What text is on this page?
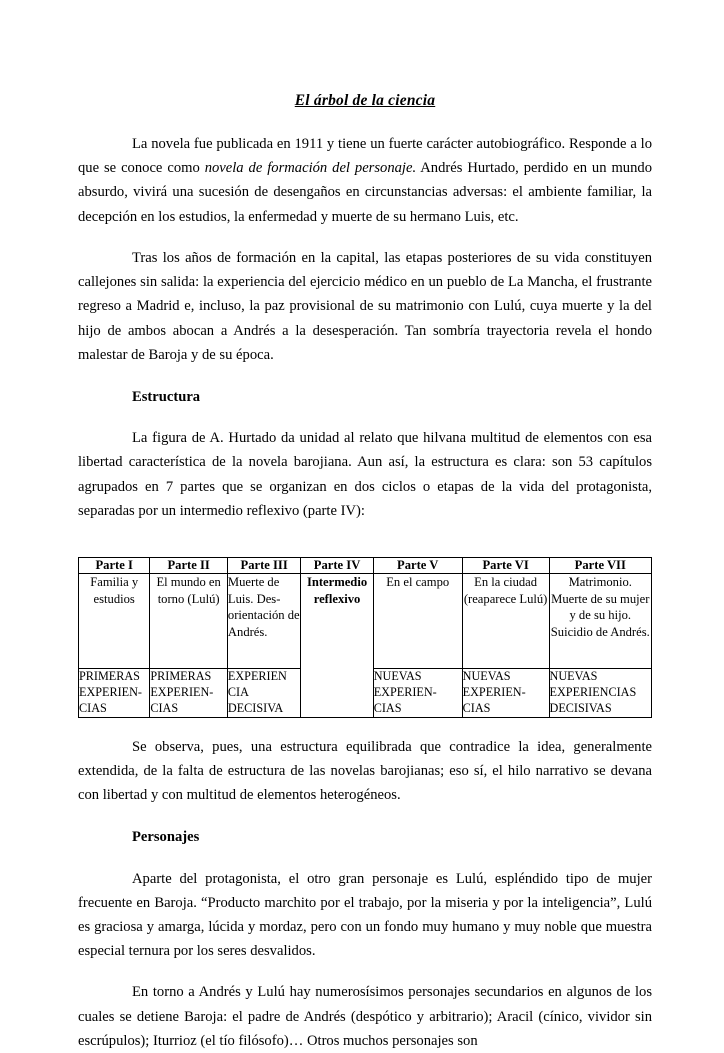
El árbol de la ciencia

La novela fue publicada en 1911 y tiene un fuerte carácter autobiográfico. Responde a lo que se conoce como novela de formación del personaje. Andrés Hurtado, perdido en un mundo absurdo, vivirá una sucesión de desengaños en circunstancias adversas: el ambiente familiar, la decepción en los estudios, la enfermedad y muerte de su hermano Luis, etc.

Tras los años de formación en la capital, las etapas posteriores de su vida constituyen callejones sin salida: la experiencia del ejercicio médico en un pueblo de La Mancha, el frustrante regreso a Madrid e, incluso, la paz provisional de su matrimonio con Lulú, cuya muerte y la del hijo de ambos abocan a Andrés a la desesperación. Tan sombría trayectoria revela el hondo malestar de Baroja y de su época.

Estructura

La figura de A. Hurtado da unidad al relato que hilvana multitud de elementos con esa libertad característica de la novela barojiana. Aun así, la estructura es clara: son 53 capítulos agrupados en 7 partes que se organizan en dos ciclos o etapas de la vida del protagonista, separadas por un intermedio reflexivo (parte IV):

Parte I	Parte II	Parte III	Parte IV	Parte V	Parte VI	Parte VII
Familia y estudios	El mundo en torno (Lulú)	Muerte de Luis. Des-orientación de Andrés.	Intermedio reflexivo	En el campo	En la ciudad (reaparece Lulú)	Matrimonio. Muerte de su mujer y de su hijo. Suicidio de Andrés.
PRIMERAS EXPERIEN-CIAS	PRIMERAS EXPERIEN-CIAS	EXPERIEN CIA DECISIVA		NUEVAS EXPERIEN-CIAS	NUEVAS EXPERIEN-CIAS	NUEVAS EXPERIENCIAS DECISIVAS

Se observa, pues, una estructura equilibrada que contradice la idea, generalmente extendida, de la falta de estructura de las novelas barojianas; eso sí, el hilo narrativo se devana con libertad y con multitud de elementos heterogéneos.

Personajes

Aparte del protagonista, el otro gran personaje es Lulú, espléndido tipo de mujer frecuente en Baroja. “Producto marchito por el trabajo, por la miseria y por la inteligencia”, Lulú es graciosa y amarga, lúcida y mordaz, pero con un fondo muy humano y muy noble que muestra especial ternura por los seres desvalidos.

En torno a Andrés y Lulú hay numerosísimos personajes secundarios en algunos de los cuales se detiene Baroja: el padre de Andrés (despótico y arbitrario); Aracil (cínico, vividor sin escrúpulos); Iturrioz (el tío filósofo)… Otros muchos personajes son
